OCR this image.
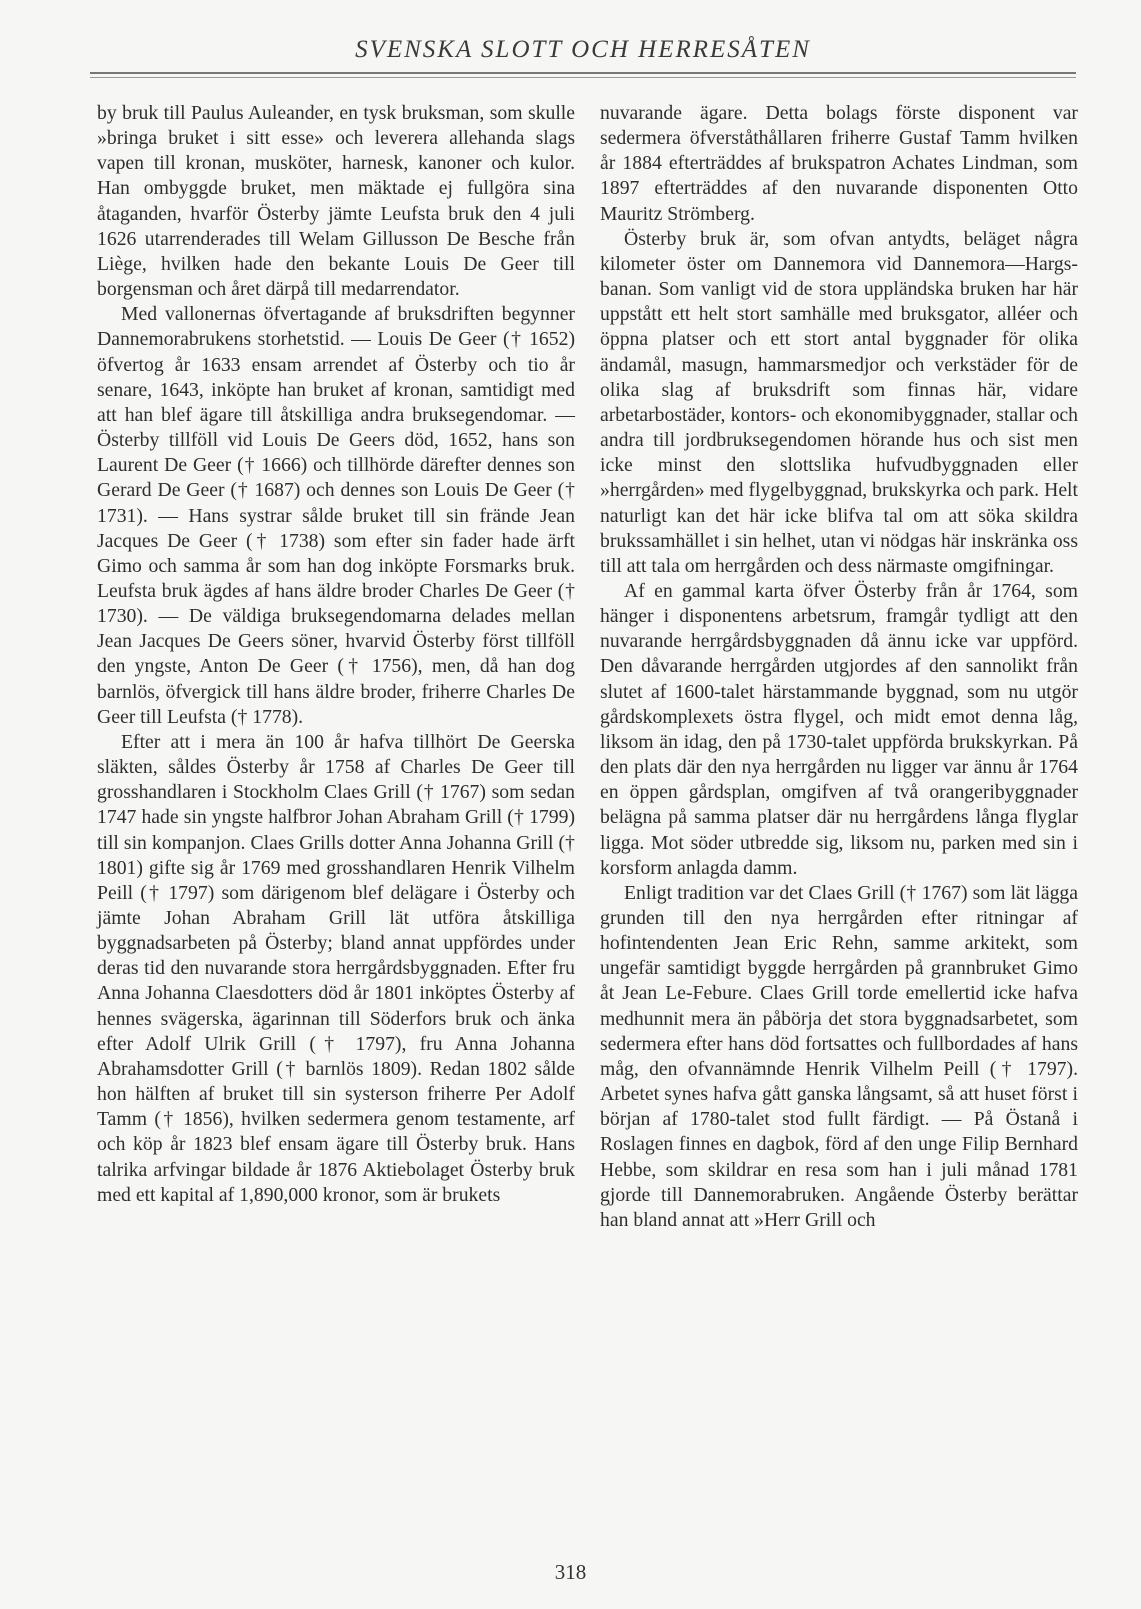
SVENSKA SLOTT OCH HERRESÅTEN

by bruk till Paulus Auleander, en tysk bruksman, som skulle »bringa bruket i sitt esse» och leverera allehanda slags vapen till kronan, musköter, harnesk, kanoner och kulor. Han ombyggde bruket, men mäktade ej fullgöra sina åtaganden, hvarför Österby jämte Leufsta bruk den 4 juli 1626 utarrenderades till Welam Gillusson De Besche från Liège, hvilken hade den bekante Louis De Geer till borgensman och året därpå till medarrendator.

Med vallonernas öfvertagande af bruksdriften begynner Dannemorabrukens storhetstid. — Louis De Geer († 1652) öfvertog år 1633 ensam arrendet af Österby och tio år senare, 1643, inköpte han bruket af kronan, samtidigt med att han blef ägare till åtskilliga andra bruksegendomar. — Österby tillföll vid Louis De Geers död, 1652, hans son Laurent De Geer († 1666) och tillhörde därefter dennes son Gerard De Geer († 1687) och dennes son Louis De Geer († 1731). — Hans systrar sålde bruket till sin frände Jean Jacques De Geer († 1738) som efter sin fader hade ärft Gimo och samma år som han dog inköpte Forsmarks bruk. Leufsta bruk ägdes af hans äldre broder Charles De Geer († 1730). — De väldiga bruksegendomarna delades mellan Jean Jacques De Geers söner, hvarvid Österby först tillföll den yngste, Anton De Geer († 1756), men, då han dog barnlös, öfvergick till hans äldre broder, friherre Charles De Geer till Leufsta († 1778).

Efter att i mera än 100 år hafva tillhört De Geerska släkten, såldes Österby år 1758 af Charles De Geer till grosshandlaren i Stockholm Claes Grill († 1767) som sedan 1747 hade sin yngste halfbror Johan Abraham Grill († 1799) till sin kompanjon. Claes Grills dotter Anna Johanna Grill († 1801) gifte sig år 1769 med grosshandlaren Henrik Vilhelm Peill († 1797) som därigenom blef delägare i Österby och jämte Johan Abraham Grill lät utföra åtskilliga byggnadsarbeten på Österby; bland annat uppfördes under deras tid den nuvarande stora herrgårdsbyggnaden. Efter fru Anna Johanna Claesdotters död år 1801 inköptes Österby af hennes svägerska, ägarinnan till Söderfors bruk och änka efter Adolf Ulrik Grill († 1797), fru Anna Johanna Abrahamsdotter Grill († barnlös 1809). Redan 1802 sålde hon hälften af bruket till sin systerson friherre Per Adolf Tamm († 1856), hvilken sedermera genom testamente, arf och köp år 1823 blef ensam ägare till Österby bruk. Hans talrika arfvingar bildade år 1876 Aktiebolaget Österby bruk med ett kapital af 1,890,000 kronor, som är brukets

nuvarande ägare. Detta bolags förste disponent var sedermera öfverståthållaren friherre Gustaf Tamm hvilken år 1884 efterträddes af brukspatron Achates Lindman, som 1897 efterträddes af den nuvarande disponenten Otto Mauritz Strömberg.

Österby bruk är, som ofvan antydts, beläget några kilometer öster om Dannemora vid Dannemora—Hargs-banan. Som vanligt vid de stora uppländska bruken har här uppstått ett helt stort samhälle med bruksgator, alléer och öppna platser och ett stort antal byggnader för olika ändamål, masugn, hammarsmedjor och verkstäder för de olika slag af bruksdrift som finnas här, vidare arbetarbostäder, kontors- och ekonomibyggnader, stallar och andra till jordbruksegendomen hörande hus och sist men icke minst den slottslika hufvudbyggnaden eller »herrgården» med flygelbyggnad, brukskyrka och park. Helt naturligt kan det här icke blifva tal om att söka skildra brukssamhället i sin helhet, utan vi nödgas här inskränka oss till att tala om herrgården och dess närmaste omgifningar.

Af en gammal karta öfver Österby från år 1764, som hänger i disponentens arbetsrum, framgår tydligt att den nuvarande herrgårdsbyggnaden då ännu icke var uppförd. Den dåvarande herrgården utgjordes af den sannolikt från slutet af 1600-talet härstammande byggnad, som nu utgör gårdskomplexets östra flygel, och midt emot denna låg, liksom än idag, den på 1730-talet uppförda brukskyrkan. På den plats där den nya herrgården nu ligger var ännu år 1764 en öppen gårdsplan, omgifven af två orangeribyggnader belägna på samma platser där nu herrgårdens långa flyglar ligga. Mot söder utbredde sig, liksom nu, parken med sin i korsform anlagda damm.

Enligt tradition var det Claes Grill († 1767) som lät lägga grunden till den nya herrgården efter ritningar af hofintendenten Jean Eric Rehn, samme arkitekt, som ungefär samtidigt byggde herrgården på grannbruket Gimo åt Jean Le-Febure. Claes Grill torde emellertid icke hafva medhunnit mera än påbörja det stora byggnadsarbetet, som sedermera efter hans död fortsattes och fullbordades af hans måg, den ofvannämnde Henrik Vilhelm Peill († 1797). Arbetet synes hafva gått ganska långsamt, så att huset först i början af 1780-talet stod fullt färdigt. — På Östanå i Roslagen finnes en dagbok, förd af den unge Filip Bernhard Hebbe, som skildrar en resa som han i juli månad 1781 gjorde till Dannemorabruken. Angående Österby berättar han bland annat att »Herr Grill och

318
